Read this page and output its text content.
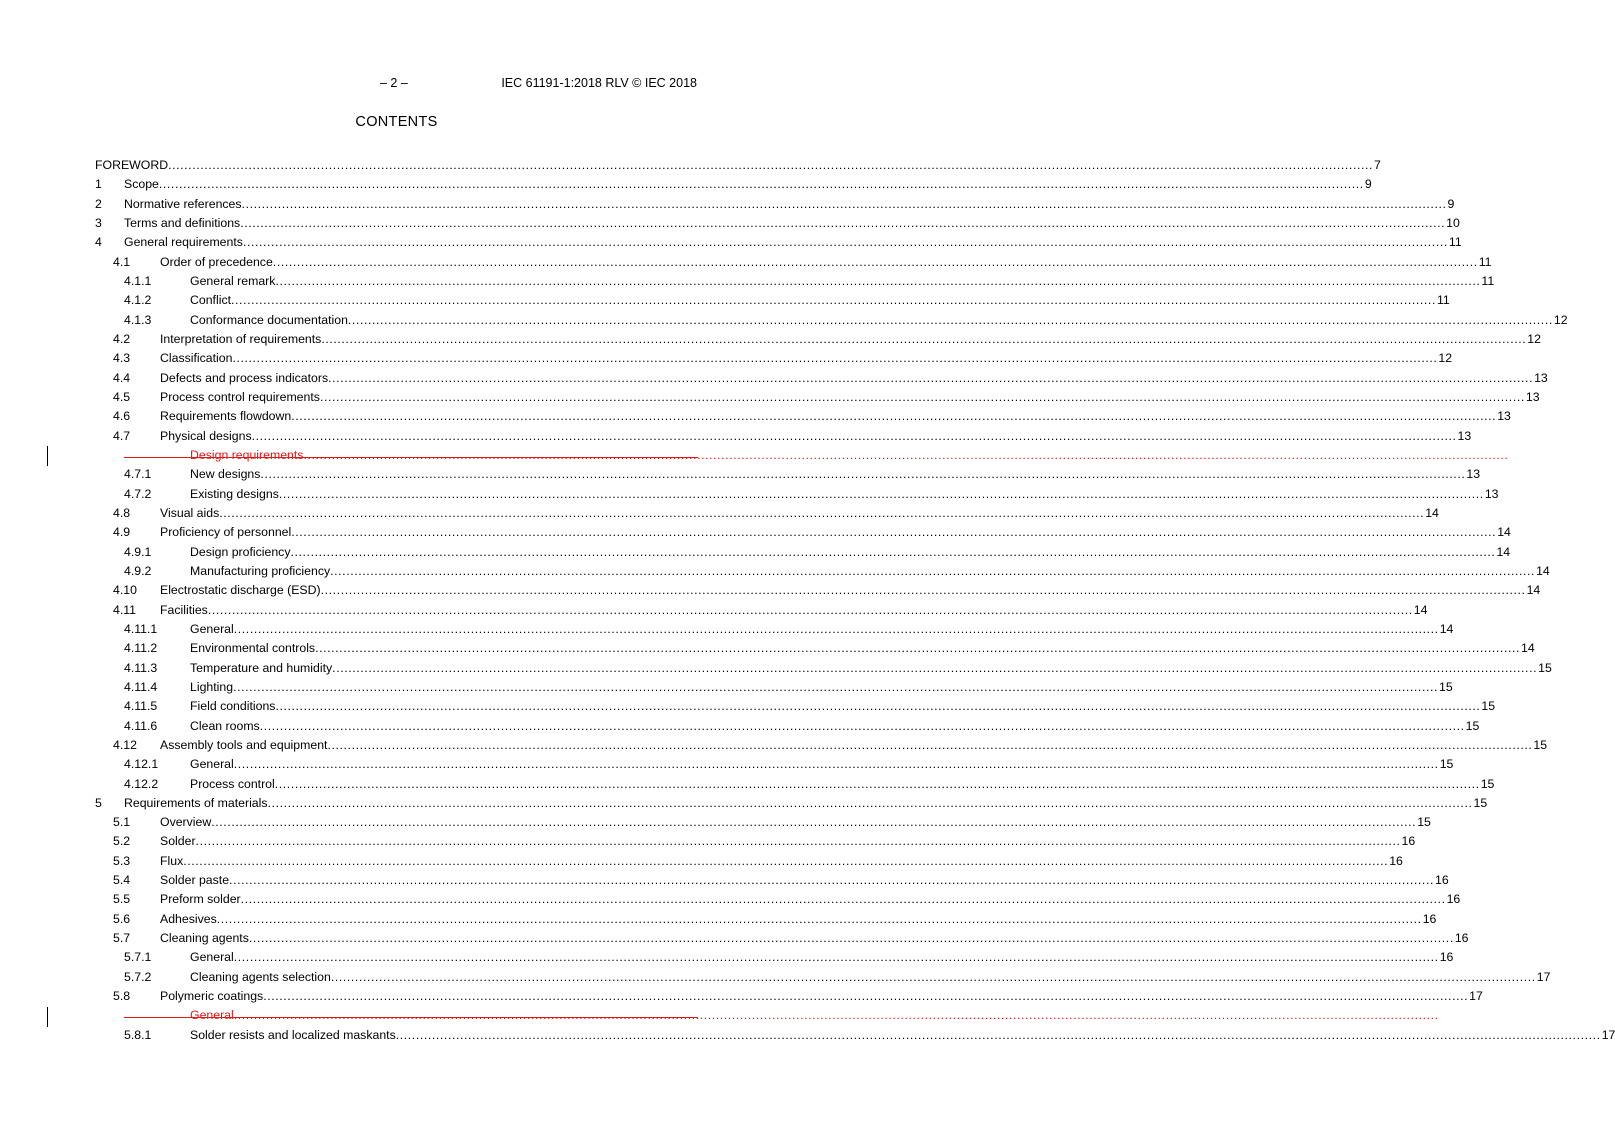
– 2 –	IEC 61191-1:2018 RLV © IEC 2018
CONTENTS
FOREWORD ............................................................................................................................................................................................................................................................................................................ 7
1 Scope ............................................................................................................................................................................................................................................................................................................ 9
2 Normative references ............................................................................................................................................................................................................................................................................................................ 9
3 Terms and definitions ............................................................................................................................................................................................................................................................................................................ 10
4 General requirements ............................................................................................................................................................................................................................................................................................................ 11
4.1 Order of precedence ............................................................................................................................................................................................................................................................................................................ 11
4.1.1	General remark ............................................................................................................................................................................................................................................................................................................ 11
4.1.2	Conflict ............................................................................................................................................................................................................................................................................................................ 11
4.1.3	Conformance documentation ............................................................................................................................................................................................................................................................................................................ 12
4.2 Interpretation of requirements ............................................................................................................................................................................................................................................................................................................ 12
4.3 Classification ............................................................................................................................................................................................................................................................................................................ 12
4.4 Defects and process indicators ............................................................................................................................................................................................................................................................................................................ 13
4.5 Process control requirements ............................................................................................................................................................................................................................................................................................................ 13
4.6 Requirements flowdown ............................................................................................................................................................................................................................................................................................................ 13
4.7 Physical designs ............................................................................................................................................................................................................................................................................................................ 13
Design requirements ............................................................................................................................................................................................................................................................................................................
4.7.1	New designs ............................................................................................................................................................................................................................................................................................................ 13
4.7.2	Existing designs ............................................................................................................................................................................................................................................................................................................ 13
4.8 Visual aids ............................................................................................................................................................................................................................................................................................................ 14
4.9 Proficiency of personnel ............................................................................................................................................................................................................................................................................................................ 14
4.9.1	Design proficiency ............................................................................................................................................................................................................................................................................................................ 14
4.9.2	Manufacturing proficiency ............................................................................................................................................................................................................................................................................................................ 14
4.10 Electrostatic discharge (ESD) ............................................................................................................................................................................................................................................................................................................ 14
4.11 Facilities ............................................................................................................................................................................................................................................................................................................ 14
4.11.1	General ............................................................................................................................................................................................................................................................................................................ 14
4.11.2	Environmental controls ............................................................................................................................................................................................................................................................................................................ 14
4.11.3	Temperature and humidity ............................................................................................................................................................................................................................................................................................................ 15
4.11.4	Lighting ............................................................................................................................................................................................................................................................................................................ 15
4.11.5	Field conditions ............................................................................................................................................................................................................................................................................................................ 15
4.11.6	Clean rooms ............................................................................................................................................................................................................................................................................................................ 15
4.12 Assembly tools and equipment ............................................................................................................................................................................................................................................................................................................ 15
4.12.1	General ............................................................................................................................................................................................................................................................................................................ 15
4.12.2	Process control ............................................................................................................................................................................................................................................................................................................ 15
5 Requirements of materials ............................................................................................................................................................................................................................................................................................................ 15
5.1 Overview ............................................................................................................................................................................................................................................................................................................ 15
5.2 Solder ............................................................................................................................................................................................................................................................................................................ 16
5.3 Flux ............................................................................................................................................................................................................................................................................................................ 16
5.4 Solder paste ............................................................................................................................................................................................................................................................................................................ 16
5.5 Preform solder ............................................................................................................................................................................................................................................................................................................ 16
5.6 Adhesives ............................................................................................................................................................................................................................................................................................................ 16
5.7 Cleaning agents ............................................................................................................................................................................................................................................................................................................ 16
5.7.1	General ............................................................................................................................................................................................................................................................................................................ 16
5.7.2	Cleaning agents selection ............................................................................................................................................................................................................................................................................................................ 17
5.8 Polymeric coatings ............................................................................................................................................................................................................................................................................................................ 17
General ............................................................................................................................................................................................................................................................................................................
5.8.1	Solder resists and localized maskants ............................................................................................................................................................................................................................................................................................................ 17
